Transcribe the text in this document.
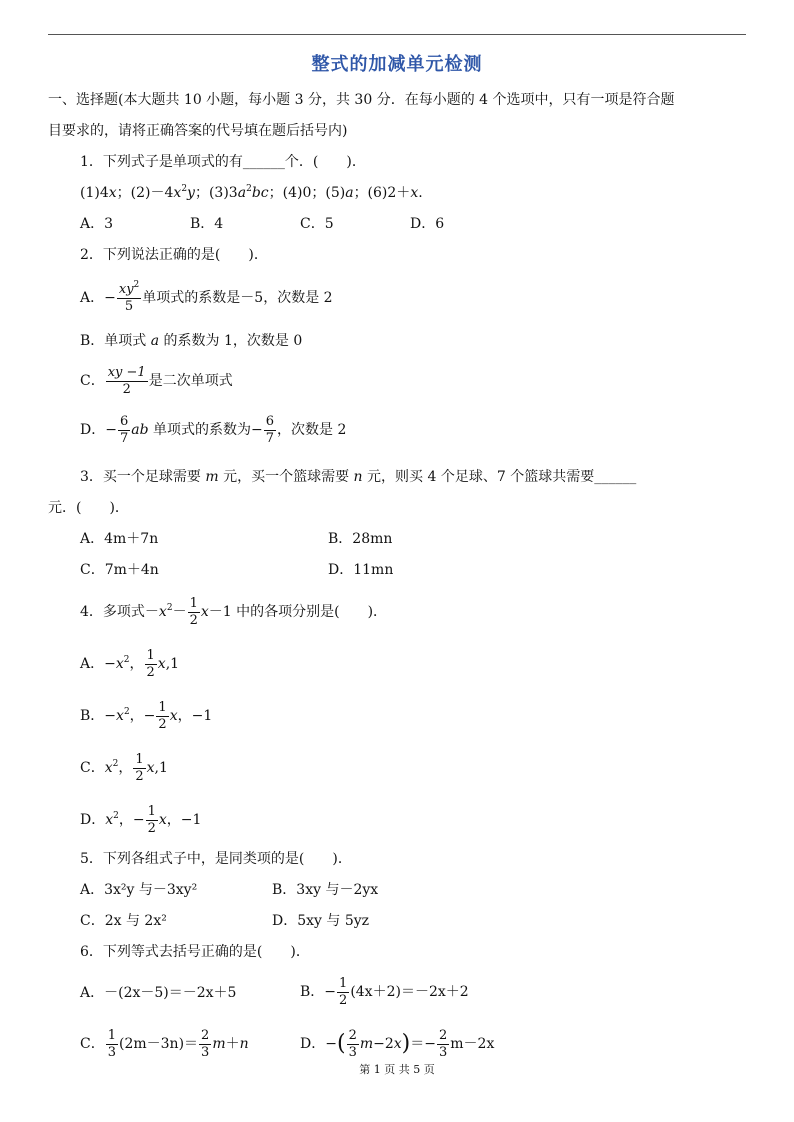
整式的加减单元检测
一、选择题(本大题共 10 小题，每小题 3 分，共 30 分．在每小题的 4 个选项中，只有一项是符合题
目要求的，请将正确答案的代号填在题后括号内)
1．下列式子是单项式的有______个．(　　)．
(1)4x；$(2)-4x^2y$；$(3)3a^2bc$；(4)0；(5)a；(6)2＋x.
A．3	B．4	C．5	D．6
2．下列说法正确的是(　　)．
A．− $\frac{xy^2}{5}$ 单项式的系数是－5，次数是 2
B．单项式 a 的系数为 1，次数是 0
C． $\frac{xy -1}{2}$ 是二次单项式
D．− $\frac{6}{7}$ ab 单项式的系数为− $\frac{6}{7}$ ，次数是 2
3．买一个足球需要 m 元，买一个篮球需要 n 元，则买 4 个足球、7 个篮球共需要______
元．(　　)．
A．4m＋7n	B．28mn
C．7m＋4n	D．11mn
4．多项式$-x^2- \frac{1}{2} x-1$ 中的各项分别是(　　)．
A．$-x^2$， $\frac{1}{2} x,1$
B．$-x^2$，− $\frac{1}{2}$ x，−1
C．$x^2$， $\frac{1}{2} x,1$
D．$x^2$，− $\frac{1}{2}$ x，−1
5．下列各组式子中，是同类项的是(　　)．
A．3x²y 与－3xy²	B．3xy 与－2yx
C．2x 与 2x²	D．5xy 与 5yz
6．下列等式去括号正确的是(　　)．
A．－(2x－5)＝－2x＋5	B．− $\frac{1}{2} (4x+2)=-2x+2$
C． $\frac{1}{3} (2m-3n)= \frac{2}{3} m+n$	D．−( $\frac{2}{3} m-2x)=- \frac{2}{3} m-2x$
第 1 页 共 5 页
